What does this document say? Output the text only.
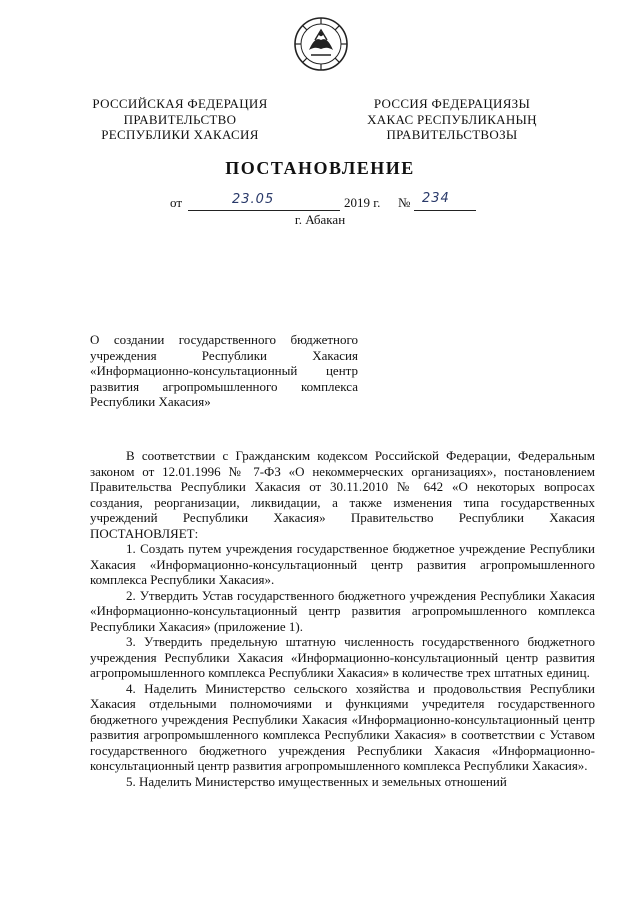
РОССИЙСКАЯ ФЕДЕРАЦИЯ
ПРАВИТЕЛЬСТВО
РЕСПУБЛИКИ ХАКАСИЯ
РОССИЯ ФЕДЕРАЦИЯЗЫ
ХАКАС РЕСПУБЛИКАНЫҢ
ПРАВИТЕЛЬСТВОЗЫ
ПОСТАНОВЛЕНИЕ
от	23.05	2019 г. № 234
г. Абакан
О создании государственного бюджетного учреждения Республики Хакасия «Информационно-консультационный центр развития агропромышленного комплекса Республики Хакасия»

В соответствии с Гражданским кодексом Российской Федерации, Федеральным законом от 12.01.1996 № 7-ФЗ «О некоммерческих организациях», постановлением Правительства Республики Хакасия от 30.11.2010 № 642 «О некоторых вопросах создания, реорганизации, ликвидации, а также изменения типа государственных учреждений Республики Хакасия» Правительство Республики Хакасия ПОСТАНОВЛЯЕТ:

1. Создать путем учреждения государственное бюджетное учреждение Республики Хакасия «Информационно-консультационный центр развития агропромышленного комплекса Республики Хакасия».

2. Утвердить Устав государственного бюджетного учреждения Республики Хакасия «Информационно-консультационный центр развития агропромышленного комплекса Республики Хакасия» (приложение 1).

3. Утвердить предельную штатную численность государственного бюджетного учреждения Республики Хакасия «Информационно-консультационный центр развития агропромышленного комплекса Республики Хакасия» в количестве трех штатных единиц.

4. Наделить Министерство сельского хозяйства и продовольствия Республики Хакасия отдельными полномочиями и функциями учредителя государственного бюджетного учреждения Республики Хакасия «Информационно-консультационный центр развития агропромышленного комплекса Республики Хакасия» в соответствии с Уставом государственного бюджетного учреждения Республики Хакасия «Информационно-консультационный центр развития агропромышленного комплекса Республики Хакасия».

5. Наделить Министерство имущественных и земельных отношений
